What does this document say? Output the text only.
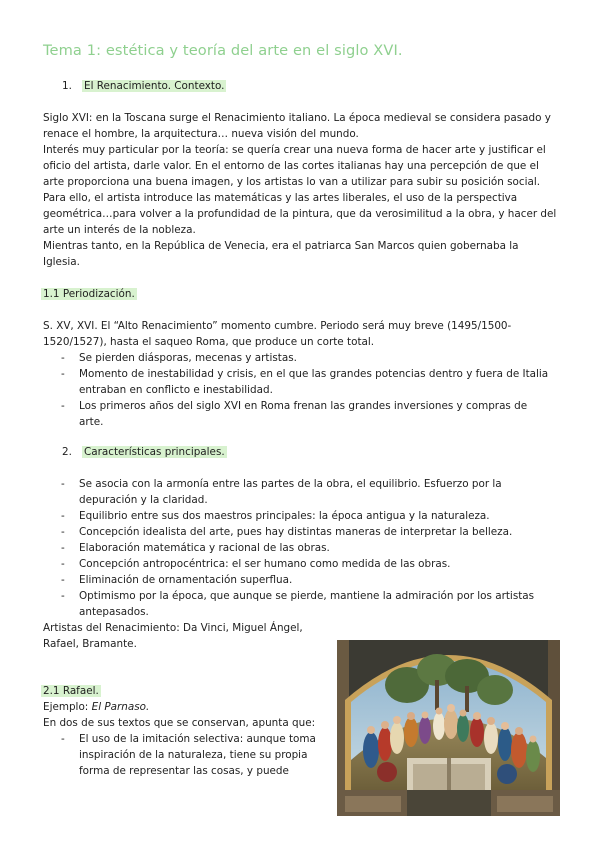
Tema 1: estética y teoría del arte en el siglo XVI.
1. El Renacimiento. Contexto.

Siglo XVI: en la Toscana surge el Renacimiento italiano. La época medieval se considera pasado y renace el hombre, la arquitectura… nueva visión del mundo.

Interés muy particular por la teoría: se quería crear una nueva forma de hacer arte y justificar el oficio del artista, darle valor. En el entorno de las cortes italianas hay una percepción de que el arte proporciona una buena imagen, y los artistas lo van a utilizar para subir su posición social. Para ello, el artista introduce las matemáticas y las artes liberales, el uso de la perspectiva geométrica…para volver a la profundidad de la pintura, que da verosimilitud a la obra, y hacer del arte un interés de la nobleza.

Mientras tanto, en la República de Venecia, era el patriarca San Marcos quien gobernaba la Iglesia.

1.1 Periodización.

S. XV, XVI. El “Alto Renacimiento” momento cumbre. Periodo será muy breve (1495/1500-1520/1527), hasta el saqueo Roma, que produce un corte total.

- Se pierden diásporas, mecenas y artistas.
- Momento de inestabilidad y crisis, en el que las grandes potencias dentro y fuera de Italia entraban en conflicto e inestabilidad.
- Los primeros años del siglo XVI en Roma frenan las grandes inversiones y compras de arte.
2. Características principales.
- Se asocia con la armonía entre las partes de la obra, el equilibrio. Esfuerzo por la depuración y la claridad.
- Equilibrio entre sus dos maestros principales: la época antigua y la naturaleza.
- Concepción idealista del arte, pues hay distintas maneras de interpretar la belleza.
- Elaboración matemática y racional de las obras.
- Concepción antropocéntrica: el ser humano como medida de las obras.
- Eliminación de ornamentación superflua.
- Optimismo por la época, que aunque se pierde, mantiene la admiración por los artistas antepasados.
Artistas del Renacimiento: Da Vinci, Miguel Ángel, Rafael, Bramante.
2.1 Rafael.

Ejemplo: El Parnaso.

En dos de sus textos que se conservan, apunta que:

- El uso de la imitación selectiva: aunque toma inspiración de la naturaleza, tiene su propia forma de representar las cosas, y puede
